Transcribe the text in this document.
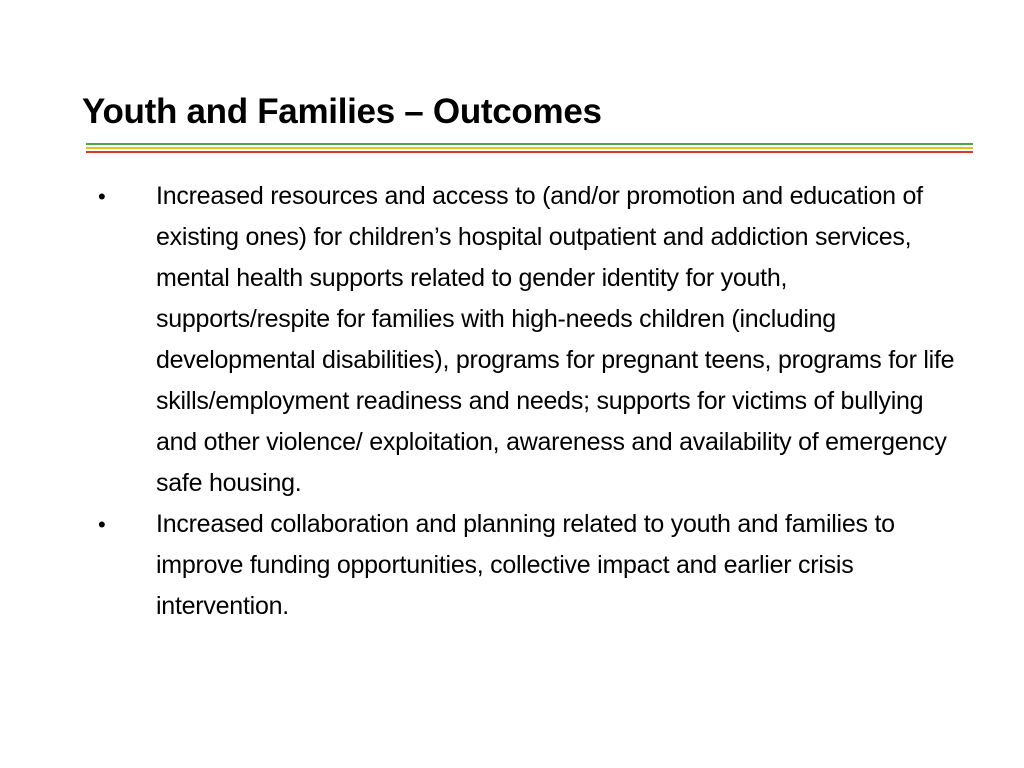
Youth and Families – Outcomes
•	Increased resources and access to (and/or promotion and education of existing ones) for children’s hospital outpatient and addiction services, mental health supports related to gender identity for youth, supports/respite for families with high-needs children (including developmental disabilities), programs for pregnant teens, programs for life skills/employment readiness and needs; supports for victims of bullying and other violence/ exploitation, awareness and availability of emergency safe housing.
•	Increased collaboration and planning related to youth and families to improve funding opportunities, collective impact and earlier crisis intervention.
